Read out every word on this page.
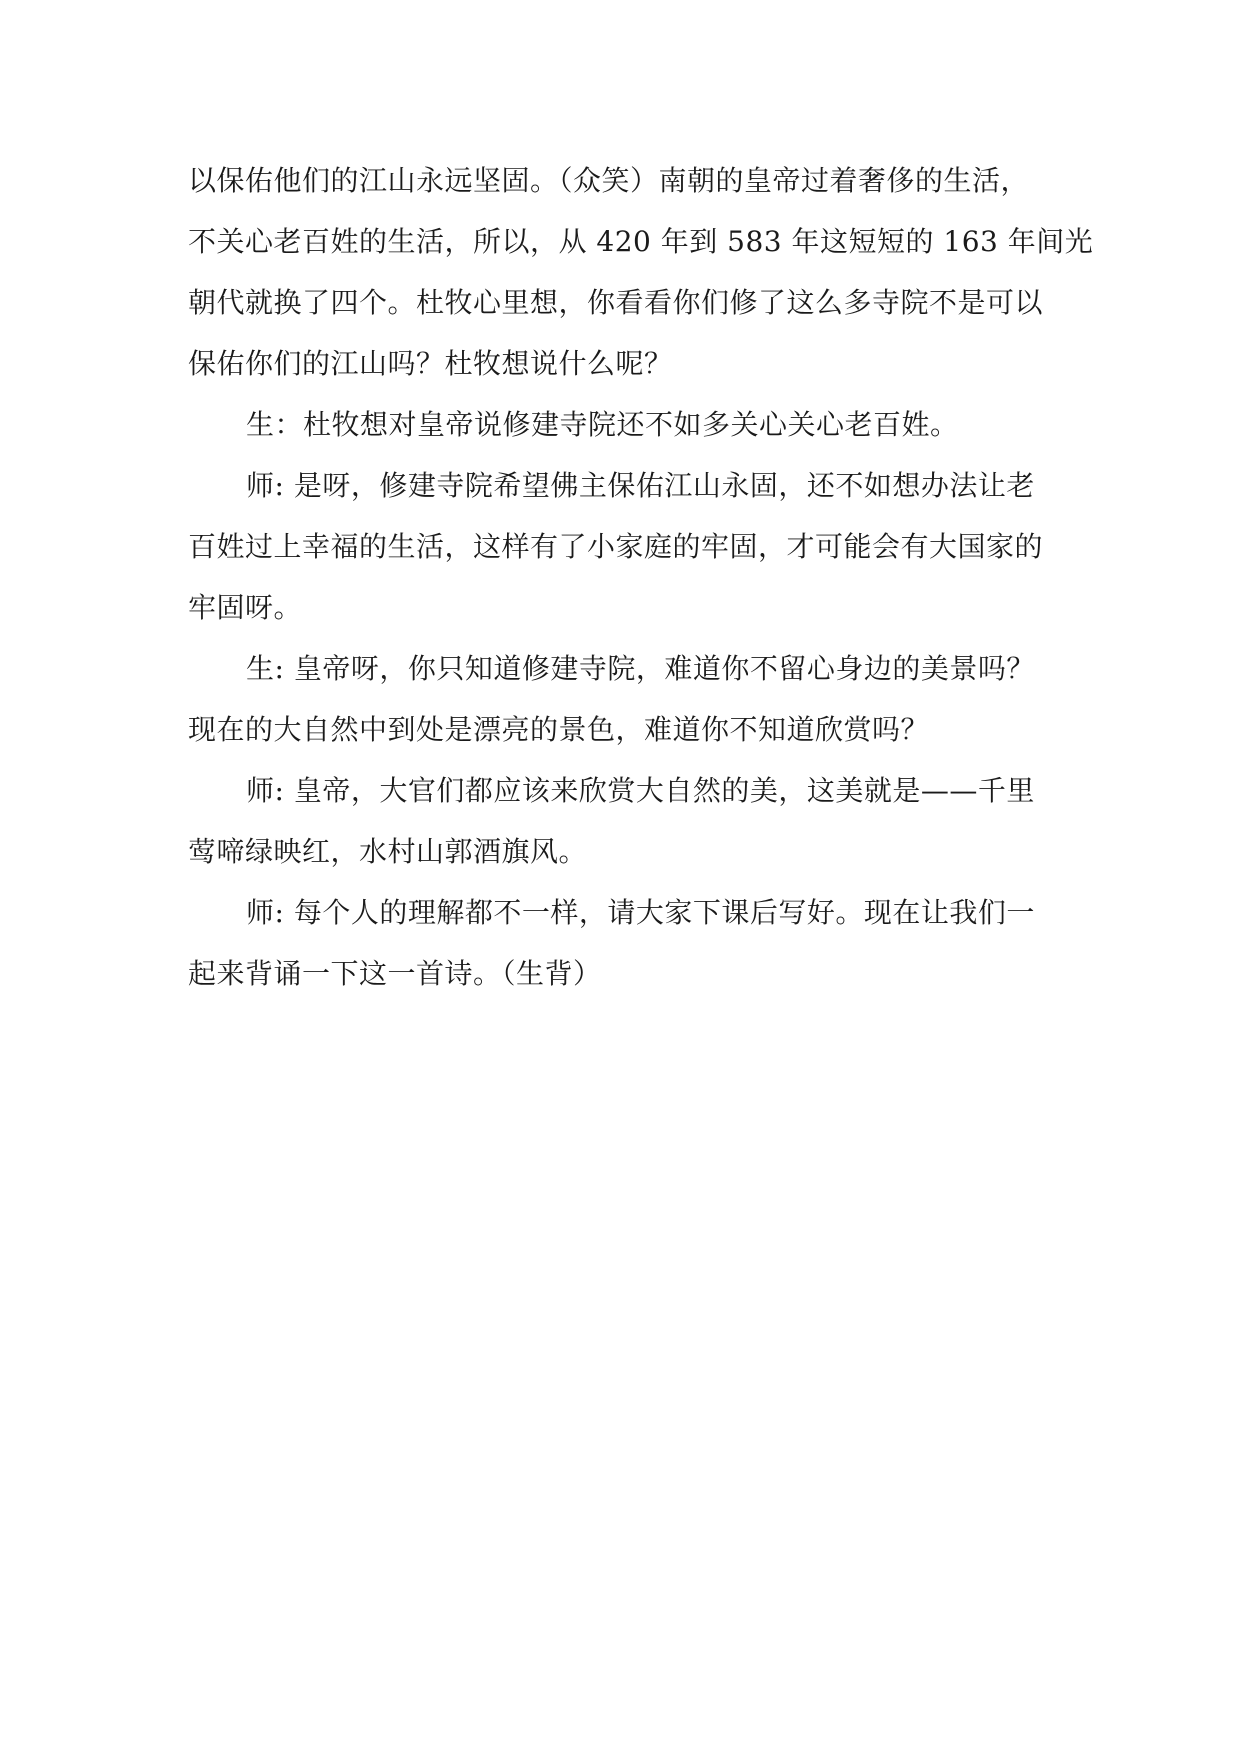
以保佑他们的江山永远坚固。（众笑）南朝的皇帝过着奢侈的生活，
不关心老百姓的生活，所以，从 420 年到 583 年这短短的 163 年间光
朝代就换了四个。杜牧心里想，你看看你们修了这么多寺院不是可以
保佑你们的江山吗？杜牧想说什么呢？
生：杜牧想对皇帝说修建寺院还不如多关心关心老百姓。
师: 是呀，修建寺院希望佛主保佑江山永固，还不如想办法让老
百姓过上幸福的生活，这样有了小家庭的牢固，才可能会有大国家的
牢固呀。
生: 皇帝呀，你只知道修建寺院，难道你不留心身边的美景吗？
现在的大自然中到处是漂亮的景色，难道你不知道欣赏吗？
师: 皇帝，大官们都应该来欣赏大自然的美，这美就是——千里
莺啼绿映红，水村山郭酒旗风。
师: 每个人的理解都不一样，请大家下课后写好。现在让我们一
起来背诵一下这一首诗。（生背）
